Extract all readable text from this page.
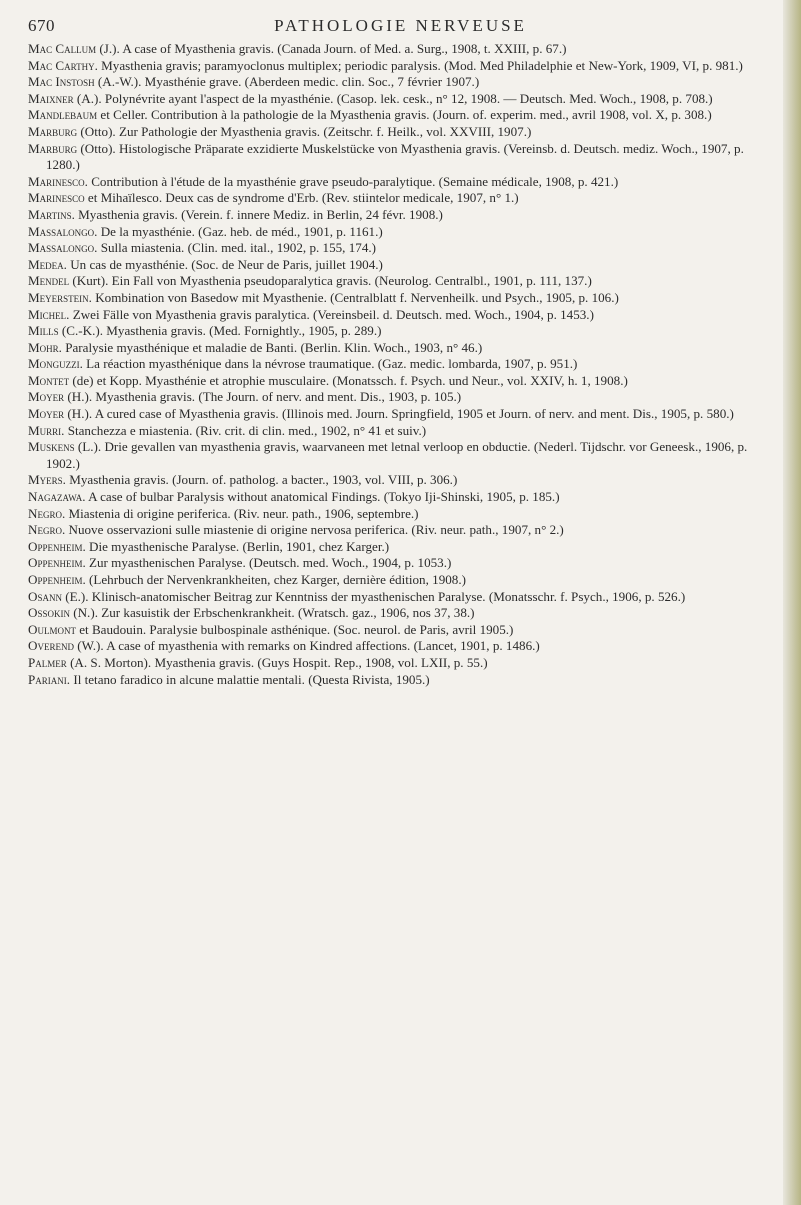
670	PATHOLOGIE NERVEUSE

Mac Callum (J.). A case of Myasthenia gravis. (Canada Journ. of Med. a. Surg., 1908, t. XXIII, p. 67.)

Mac Carthy. Myasthenia gravis; paramyoclonus multiplex; periodic paralysis. (Mod. Med Philadelphie et New-York, 1909, VI, p. 981.)

Mac Instosh (A.-W.). Myasthénie grave. (Aberdeen medic. clin. Soc., 7 février 1907.)

Maixner (A.). Polynévrite ayant l'aspect de la myasthénie. (Casop. lek. cesk., n° 12, 1908. — Deutsch. Med. Woch., 1908, p. 708.)

Mandlebaum et Celler. Contribution à la pathologie de la Myasthenia gravis. (Journ. of. experim. med., avril 1908, vol. X, p. 308.)

Marburg (Otto). Zur Pathologie der Myasthenia gravis. (Zeitschr. f. Heilk., vol. XXVIII, 1907.)

Marburg (Otto). Histologische Präparate exzidierte Muskelstücke von Myasthenia gravis. (Vereinsb. d. Deutsch. mediz. Woch., 1907, p. 1280.)

Marinesco. Contribution à l'étude de la myasthénie grave pseudo-paralytique. (Semaine médicale, 1908, p. 421.)

Marinesco et Mihaïlesco. Deux cas de syndrome d'Erb. (Rev. stiintelor medicale, 1907, n° 1.)

Martins. Myasthenia gravis. (Verein. f. innere Mediz. in Berlin, 24 févr. 1908.)

Massalongo. De la myasthénie. (Gaz. heb. de méd., 1901, p. 1161.)

Massalongo. Sulla miastenia. (Clin. med. ital., 1902, p. 155, 174.)

Medea. Un cas de myasthénie. (Soc. de Neur de Paris, juillet 1904.)

Mendel (Kurt). Ein Fall von Myasthenia pseudoparalytica gravis. (Neurolog. Centralbl., 1901, p. 111, 137.)

Meyerstein. Kombination von Basedow mit Myasthenie. (Centralblatt f. Nervenheilk. und Psych., 1905, p. 106.)

Michel. Zwei Fälle von Myasthenia gravis paralytica. (Vereinsbeil. d. Deutsch. med. Woch., 1904, p. 1453.)

Mills (C.-K.). Myasthenia gravis. (Med. Fornightly., 1905, p. 289.)

Mohr. Paralysie myasthénique et maladie de Banti. (Berlin. Klin. Woch., 1903, n° 46.)

Monguzzi. La réaction myasthénique dans la névrose traumatique. (Gaz. medic. lombarda, 1907, p. 951.)

Montet (de) et Kopp. Myasthénie et atrophie musculaire. (Monatssch. f. Psych. und Neur., vol. XXIV, h. 1, 1908.)

Moyer (H.). Myasthenia gravis. (The Journ. of nerv. and ment. Dis., 1903, p. 105.)

Moyer (H.). A cured case of Myasthenia gravis. (Illinois med. Journ. Springfield, 1905 et Journ. of nerv. and ment. Dis., 1905, p. 580.)

Murri. Stanchezza e miastenia. (Riv. crit. di clin. med., 1902, n° 41 et suiv.)

Muskens (L.). Drie gevallen van myasthenia gravis, waarvaneen met letnal verloop en obductie. (Nederl. Tijdschr. vor Geneesk., 1906, p. 1902.)

Myers. Myasthenia gravis. (Journ. of. patholog. a bacter., 1903, vol. VIII, p. 306.)

Nagazawa. A case of bulbar Paralysis without anatomical Findings. (Tokyo Iji-Shinski, 1905, p. 185.)

Negro. Miastenia di origine periferica. (Riv. neur. path., 1906, septembre.)

Negro. Nuove osservazioni sulle miastenie di origine nervosa periferica. (Riv. neur. path., 1907, n° 2.)

Oppenheim. Die myasthenische Paralyse. (Berlin, 1901, chez Karger.)

Oppenheim. Zur myasthenischen Paralyse. (Deutsch. med. Woch., 1904, p. 1053.)

Oppenheim. (Lehrbuch der Nervenkrankheiten, chez Karger, dernière édition, 1908.)

Osann (E.). Klinisch-anatomischer Beitrag zur Kenntniss der myasthenischen Paralyse. (Monatsschr. f. Psych., 1906, p. 526.)

Ossokin (N.). Zur kasuistik der Erbschenkrankheit. (Wratsch. gaz., 1906, nos 37, 38.)

Oulmont et Baudouin. Paralysie bulbospinale asthénique. (Soc. neurol. de Paris, avril 1905.)

Overend (W.). A case of myasthenia with remarks on Kindred affections. (Lancet, 1901, p. 1486.)

Palmer (A. S. Morton). Myasthenia gravis. (Guys Hospit. Rep., 1908, vol. LXII, p. 55.)

Pariani. Il tetano faradico in alcune malattie mentali. (Questa Rivista, 1905.)
